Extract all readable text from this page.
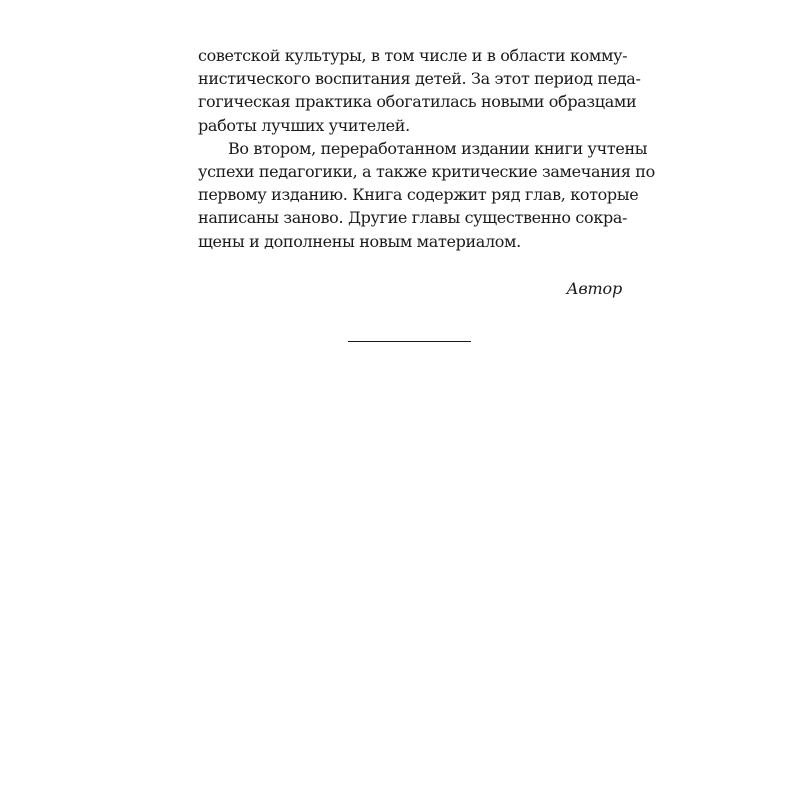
советской культуры, в том числе и в области комму-
нистического воспитания детей. За этот период педа-
гогическая практика обогатилась новыми образцами
работы лучших учителей.
Во втором, переработанном издании книги учтены
успехи педагогики, а также критические замечания по
первому изданию. Книга содержит ряд глав, которые
написаны заново. Другие главы существенно сокра-
щены и дополнены новым материалом.
Автор
